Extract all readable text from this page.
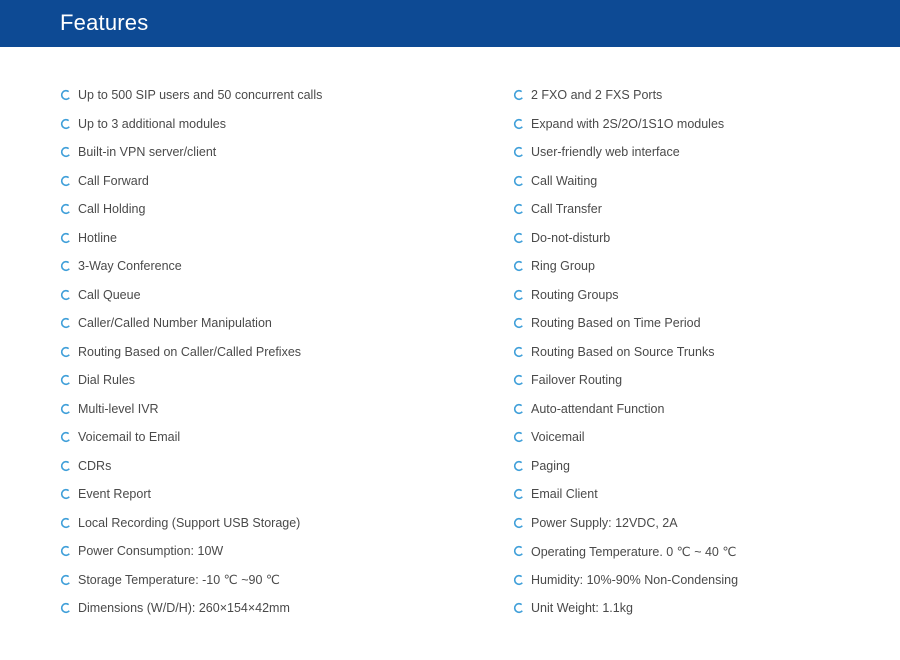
Features
Up to 500 SIP users and 50 concurrent calls
Up to 3 additional modules
Built-in VPN server/client
Call Forward
Call Holding
Hotline
3-Way Conference
Call Queue
Caller/Called Number Manipulation
Routing Based on Caller/Called Prefixes
Dial Rules
Multi-level IVR
Voicemail to Email
CDRs
Event Report
Local Recording (Support USB Storage)
Power Consumption: 10W
Storage Temperature: -10 ℃ ~90 ℃
Dimensions (W/D/H): 260×154×42mm
2 FXO and 2 FXS Ports
Expand with 2S/2O/1S1O modules
User-friendly web interface
Call Waiting
Call Transfer
Do-not-disturb
Ring Group
Routing Groups
Routing Based on Time Period
Routing Based on Source Trunks
Failover Routing
Auto-attendant Function
Voicemail
Paging
Email Client
Power Supply: 12VDC, 2A
Operating Temperature. 0 ℃ ~ 40 ℃
Humidity: 10%-90% Non-Condensing
Unit Weight: 1.1kg
